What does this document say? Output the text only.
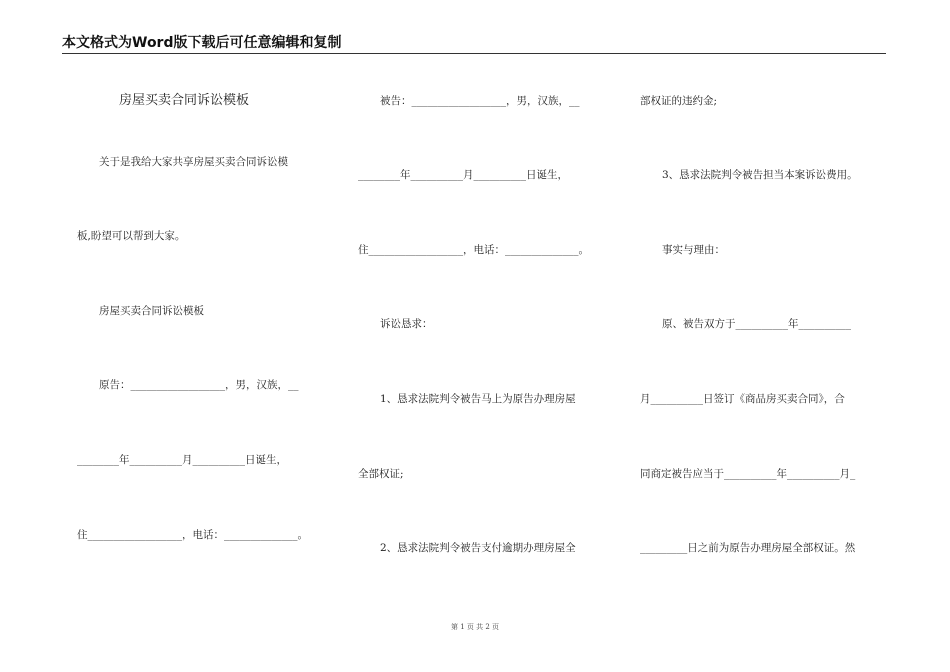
本文格式为Word版下载后可任意编辑和复制
房屋买卖合同诉讼模板
关于是我给大家共享房屋买卖合同诉讼模
板,盼望可以帮到大家。
房屋买卖合同诉讼模板
原告：__________________，男，汉族，__
________年__________月__________日诞生，
住__________________，电话：______________。
被告：__________________，男，汉族，__
________年__________月__________日诞生，
住__________________，电话：______________。
诉讼恳求：
1、恳求法院判令被告马上为原告办理房屋
全部权证;
2、恳求法院判令被告支付逾期办理房屋全
部权证的违约金;
3、恳求法院判令被告担当本案诉讼费用。
事实与理由：
原、被告双方于__________年__________
月__________日签订《商品房买卖合同》，合
同商定被告应当于__________年__________月_
_________日之前为原告办理房屋全部权证。然
第 1 页 共 2 页
